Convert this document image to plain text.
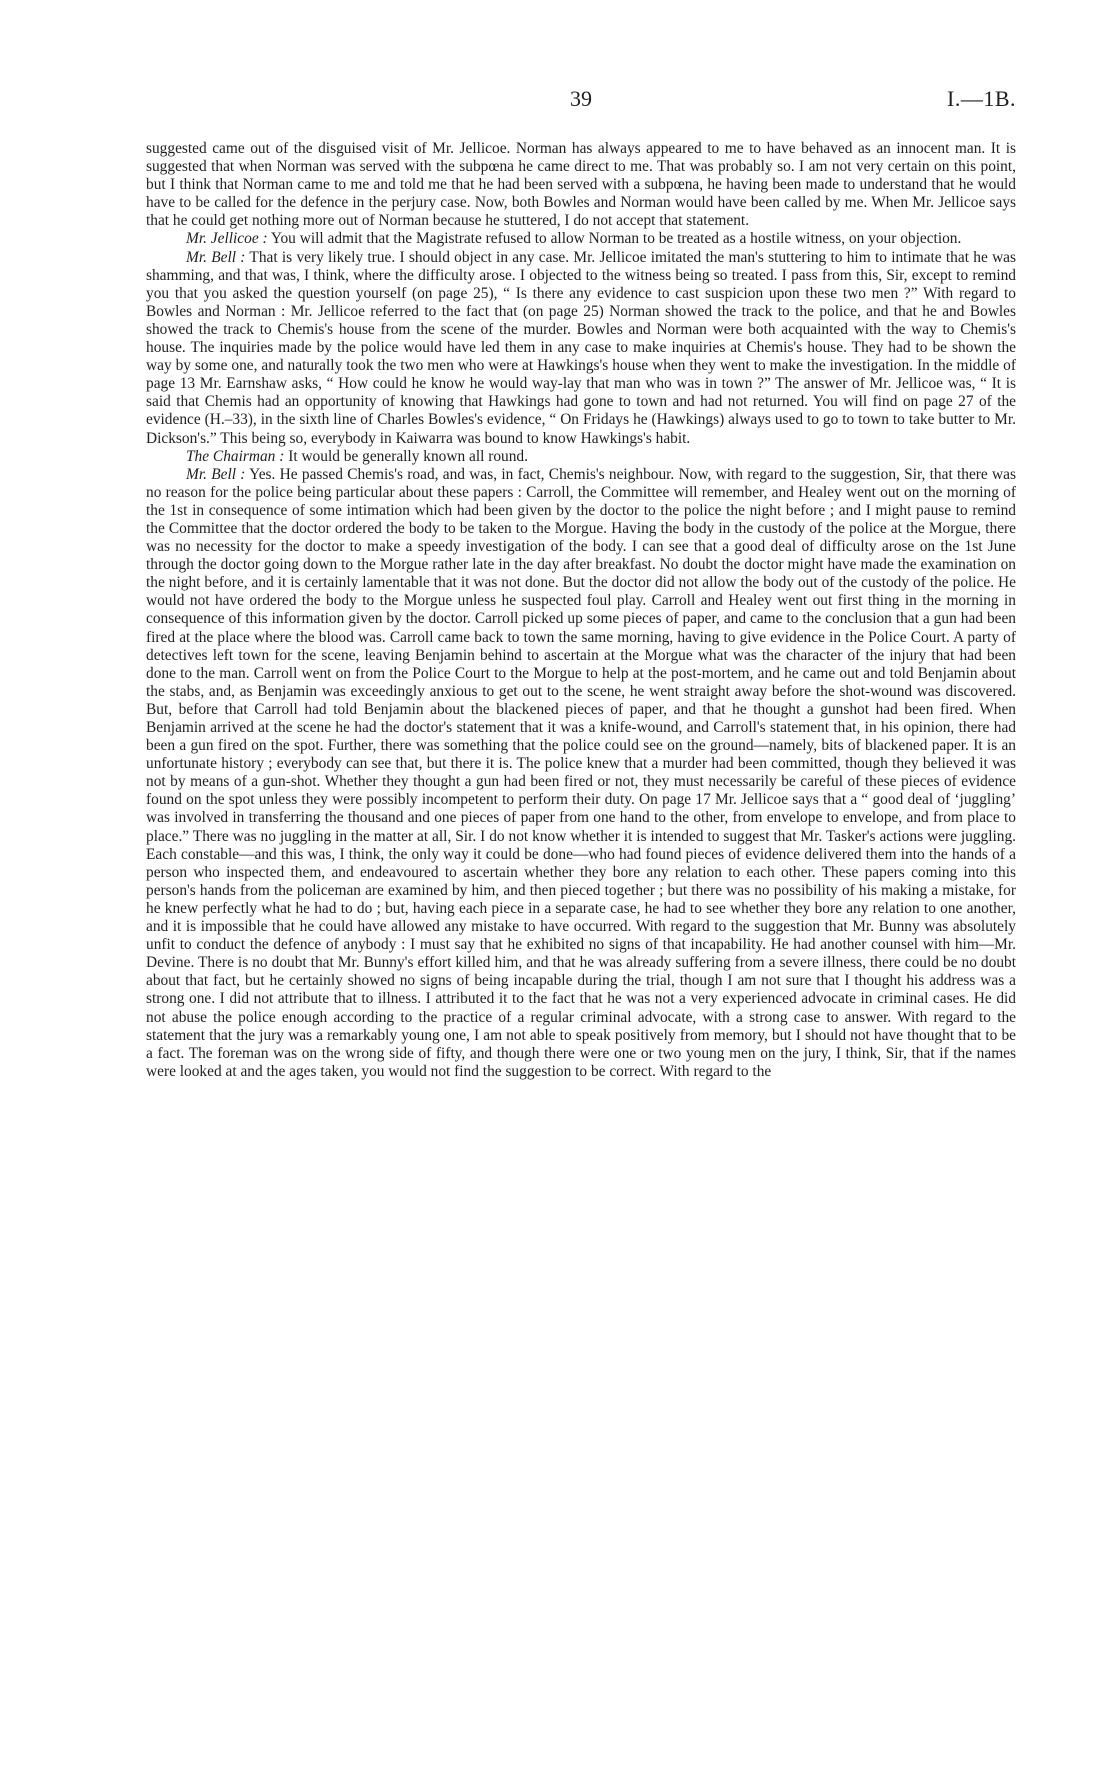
39	I.—1B.

suggested came out of the disguised visit of Mr. Jellicoe. Norman has always appeared to me to have behaved as an innocent man. It is suggested that when Norman was served with the subpœna he came direct to me. That was probably so. I am not very certain on this point, but I think that Norman came to me and told me that he had been served with a subpœna, he having been made to understand that he would have to be called for the defence in the perjury case. Now, both Bowles and Norman would have been called by me. When Mr. Jellicoe says that he could get nothing more out of Norman because he stuttered, I do not accept that statement.

Mr. Jellicoe : You will admit that the Magistrate refused to allow Norman to be treated as a hostile witness, on your objection.

Mr. Bell : That is very likely true. I should object in any case. Mr. Jellicoe imitated the man's stuttering to him to intimate that he was shamming, and that was, I think, where the difficulty arose. I objected to the witness being so treated. I pass from this, Sir, except to remind you that you asked the question yourself (on page 25), “ Is there any evidence to cast suspicion upon these two men ?” With regard to Bowles and Norman : Mr. Jellicoe referred to the fact that (on page 25) Norman showed the track to the police, and that he and Bowles showed the track to Chemis's house from the scene of the murder. Bowles and Norman were both acquainted with the way to Chemis's house. The inquiries made by the police would have led them in any case to make inquiries at Chemis's house. They had to be shown the way by some one, and naturally took the two men who were at Hawkings's house when they went to make the investigation. In the middle of page 13 Mr. Earnshaw asks, “ How could he know he would way-lay that man who was in town ?” The answer of Mr. Jellicoe was, “ It is said that Chemis had an opportunity of knowing that Hawkings had gone to town and had not returned. You will find on page 27 of the evidence (H.–33), in the sixth line of Charles Bowles's evidence, “ On Fridays he (Hawkings) always used to go to town to take butter to Mr. Dickson's.” This being so, everybody in Kaiwarra was bound to know Hawkings's habit.

The Chairman : It would be generally known all round.

Mr. Bell : Yes. He passed Chemis's road, and was, in fact, Chemis's neighbour. Now, with regard to the suggestion, Sir, that there was no reason for the police being particular about these papers : Carroll, the Committee will remember, and Healey went out on the morning of the 1st in consequence of some intimation which had been given by the doctor to the police the night before ; and I might pause to remind the Committee that the doctor ordered the body to be taken to the Morgue. Having the body in the custody of the police at the Morgue, there was no necessity for the doctor to make a speedy investigation of the body. I can see that a good deal of difficulty arose on the 1st June through the doctor going down to the Morgue rather late in the day after breakfast. No doubt the doctor might have made the examination on the night before, and it is certainly lamentable that it was not done. But the doctor did not allow the body out of the custody of the police. He would not have ordered the body to the Morgue unless he suspected foul play. Carroll and Healey went out first thing in the morning in consequence of this information given by the doctor. Carroll picked up some pieces of paper, and came to the conclusion that a gun had been fired at the place where the blood was. Carroll came back to town the same morning, having to give evidence in the Police Court. A party of detectives left town for the scene, leaving Benjamin behind to ascertain at the Morgue what was the character of the injury that had been done to the man. Carroll went on from the Police Court to the Morgue to help at the post-mortem, and he came out and told Benjamin about the stabs, and, as Benjamin was exceedingly anxious to get out to the scene, he went straight away before the shot-wound was discovered. But, before that Carroll had told Benjamin about the blackened pieces of paper, and that he thought a gunshot had been fired. When Benjamin arrived at the scene he had the doctor's statement that it was a knife-wound, and Carroll's statement that, in his opinion, there had been a gun fired on the spot. Further, there was something that the police could see on the ground—namely, bits of blackened paper. It is an unfortunate history ; everybody can see that, but there it is. The police knew that a murder had been committed, though they believed it was not by means of a gun-shot. Whether they thought a gun had been fired or not, they must necessarily be careful of these pieces of evidence found on the spot unless they were possibly incompetent to perform their duty. On page 17 Mr. Jellicoe says that a “ good deal of ‘juggling’ was involved in transferring the thousand and one pieces of paper from one hand to the other, from envelope to envelope, and from place to place.” There was no juggling in the matter at all, Sir. I do not know whether it is intended to suggest that Mr. Tasker's actions were juggling. Each constable—and this was, I think, the only way it could be done—who had found pieces of evidence delivered them into the hands of a person who inspected them, and endeavoured to ascertain whether they bore any relation to each other. These papers coming into this person's hands from the policeman are examined by him, and then pieced together ; but there was no possibility of his making a mistake, for he knew perfectly what he had to do ; but, having each piece in a separate case, he had to see whether they bore any relation to one another, and it is impossible that he could have allowed any mistake to have occurred. With regard to the suggestion that Mr. Bunny was absolutely unfit to conduct the defence of anybody : I must say that he exhibited no signs of that incapability. He had another counsel with him—Mr. Devine. There is no doubt that Mr. Bunny's effort killed him, and that he was already suffering from a severe illness, there could be no doubt about that fact, but he certainly showed no signs of being incapable during the trial, though I am not sure that I thought his address was a strong one. I did not attribute that to illness. I attributed it to the fact that he was not a very experienced advocate in criminal cases. He did not abuse the police enough according to the practice of a regular criminal advocate, with a strong case to answer. With regard to the statement that the jury was a remarkably young one, I am not able to speak positively from memory, but I should not have thought that to be a fact. The foreman was on the wrong side of fifty, and though there were one or two young men on the jury, I think, Sir, that if the names were looked at and the ages taken, you would not find the suggestion to be correct. With regard to the
